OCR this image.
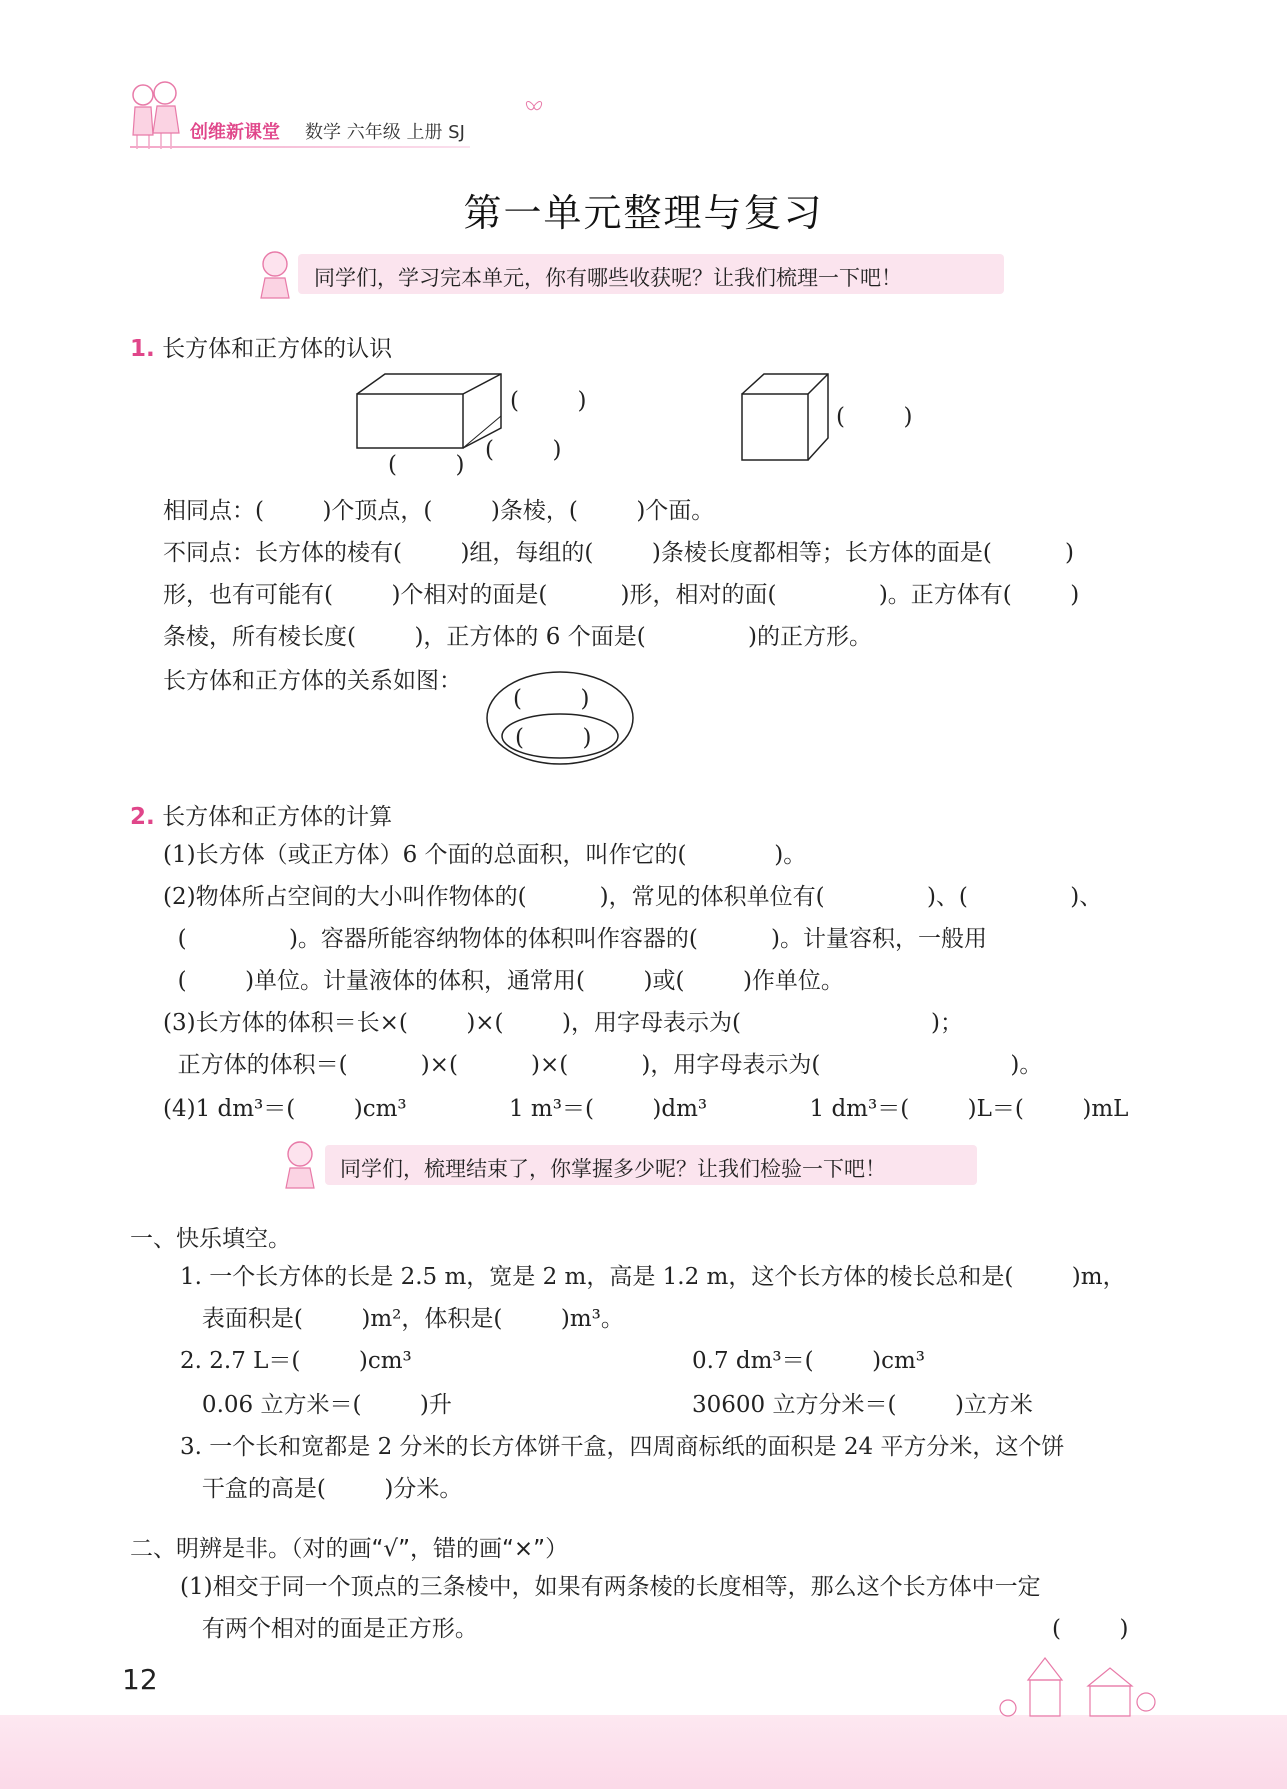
创维新课堂 数学 六年级 上册 SJ
第一单元整理与复习
同学们，学习完本单元，你有哪些收获呢？让我们梳理一下吧！
1. 长方体和正方体的认识
(        )
(        )
(        )
(        )
相同点：(        )个顶点，(        )条棱，(        )个面。
不同点：长方体的棱有(        )组，每组的(        )条棱长度都相等；长方体的面是(          )
形，也有可能有(        )个相对的面是(          )形，相对的面(              )。正方体有(        )
条棱，所有棱长度(        )，正方体的 6 个面是(              )的正方形。
长方体和正方体的关系如图：
(        )
(        )
2. 长方体和正方体的计算
(1)长方体（或正方体）6 个面的总面积，叫作它的(            )。
(2)物体所占空间的大小叫作物体的(          )，常见的体积单位有(              )、(              )、
(              )。容器所能容纳物体的体积叫作容器的(          )。计量容积，一般用
(        )单位。计量液体的体积，通常用(        )或(        )作单位。
(3)长方体的体积＝长×(        )×(        )，用字母表示为(                          )；
正方体的体积＝(          )×(          )×(          )，用字母表示为(                          )。
(4)1 dm³＝(        )cm³              1 m³＝(        )dm³              1 dm³＝(        )L＝(        )mL
同学们，梳理结束了，你掌握多少呢？让我们检验一下吧！
一、快乐填空。
1. 一个长方体的长是 2.5 m，宽是 2 m，高是 1.2 m，这个长方体的棱长总和是(        )m，
表面积是(        )m²，体积是(        )m³。
2. 2.7 L＝(        )cm³	0.7 dm³＝(        )cm³
0.06 立方米＝(        )升	30600 立方分米＝(        )立方米
3. 一个长和宽都是 2 分米的长方体饼干盒，四周商标纸的面积是 24 平方分米，这个饼
干盒的高是(        )分米。
二、明辨是非。（对的画“√”，错的画“×”）
(1)相交于同一个顶点的三条棱中，如果有两条棱的长度相等，那么这个长方体中一定
有两个相对的面是正方形。	(        )
12
